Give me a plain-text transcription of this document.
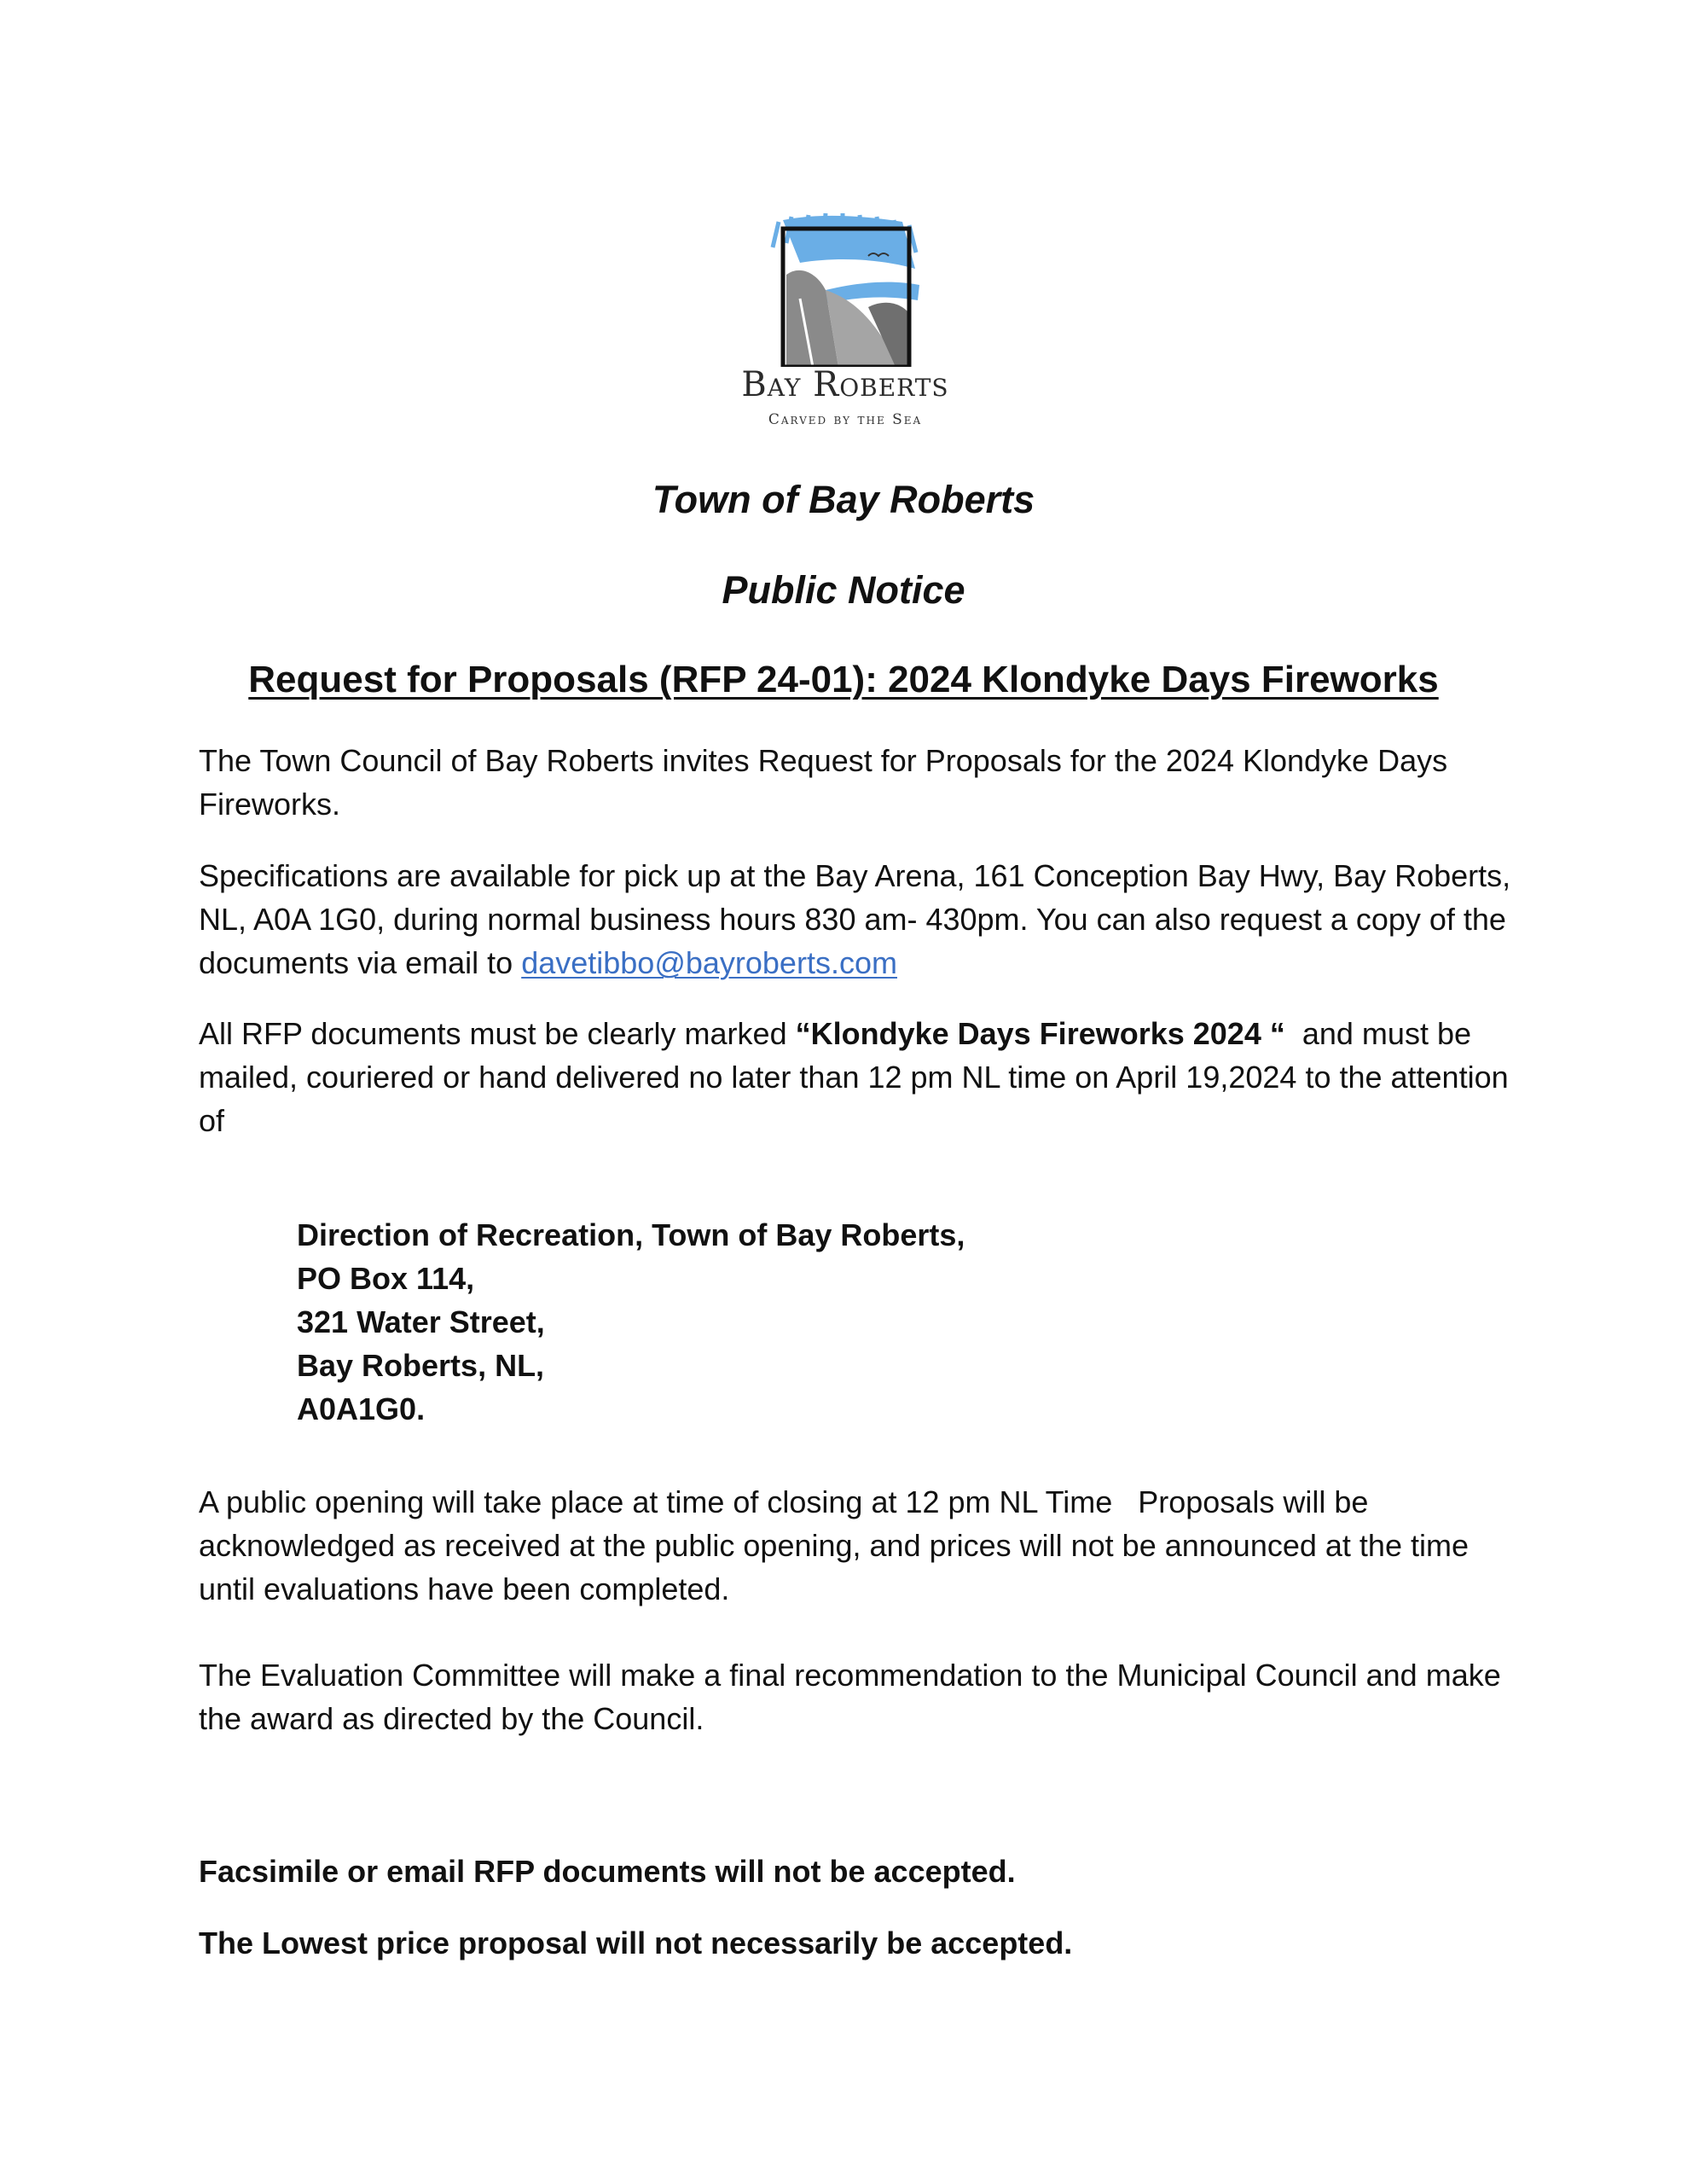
Bay Roberts
Carved by the Sea
Town of Bay Roberts
Public Notice
Request for Proposals (RFP 24-01): 2024 Klondyke Days Fireworks
The Town Council of Bay Roberts invites Request for Proposals for the 2024 Klondyke Days Fireworks.
Specifications are available for pick up at the Bay Arena, 161 Conception Bay Hwy, Bay Roberts, NL, A0A 1G0, during normal business hours 830 am- 430pm. You can also request a copy of the documents via email to davetibbo@bayroberts.com
All RFP documents must be clearly marked “Klondyke Days Fireworks 2024 “  and must be mailed, couriered or hand delivered no later than 12 pm NL time on April 19,2024 to the attention of
Direction of Recreation, Town of Bay Roberts,
PO Box 114,
321 Water Street,
Bay Roberts, NL,
A0A1G0.
A public opening will take place at time of closing at 12 pm NL Time   Proposals will be acknowledged as received at the public opening, and prices will not be announced at the time until evaluations have been completed.
The Evaluation Committee will make a final recommendation to the Municipal Council and make the award as directed by the Council.
Facsimile or email RFP documents will not be accepted.
The Lowest price proposal will not necessarily be accepted.
